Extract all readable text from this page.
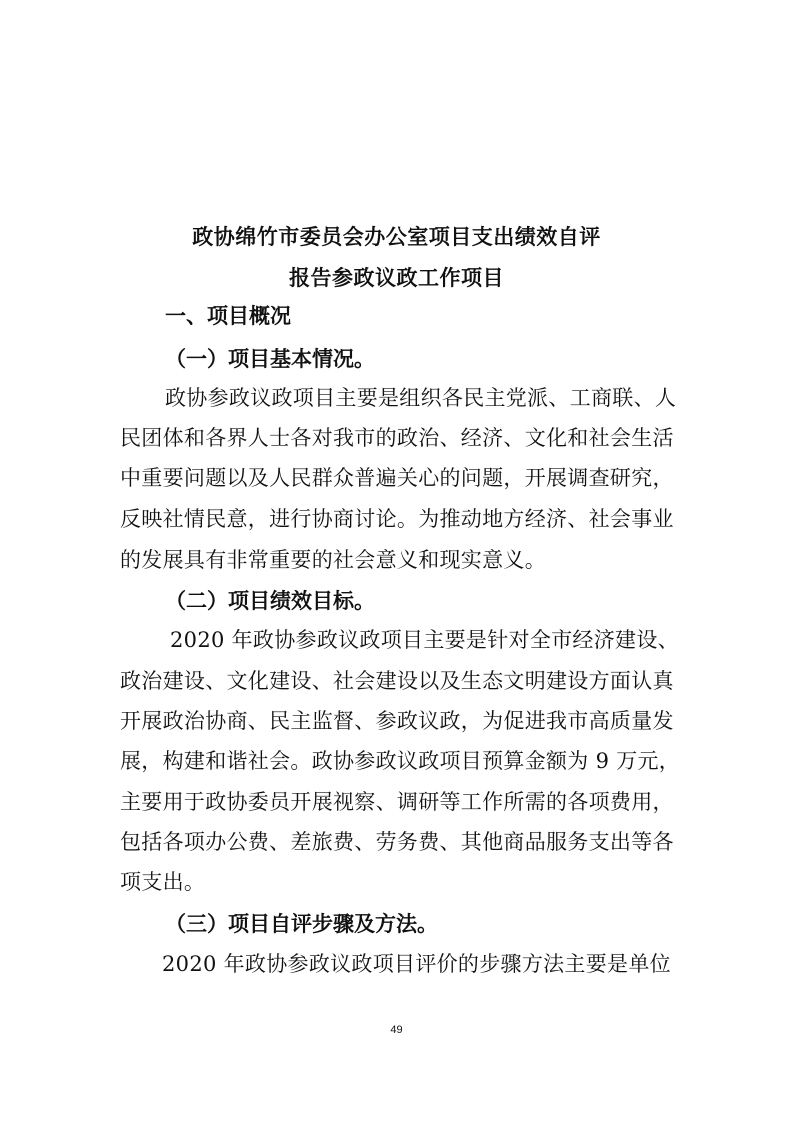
政协绵竹市委员会办公室项目支出绩效自评
报告参政议政工作项目
一、项目概况
（一）项目基本情况。
政协参政议政项目主要是组织各民主党派、工商联、人
民团体和各界人士各对我市的政治、经济、文化和社会生活
中重要问题以及人民群众普遍关心的问题，开展调查研究，
反映社情民意，进行协商讨论。为推动地方经济、社会事业
的发展具有非常重要的社会意义和现实意义。
（二）项目绩效目标。
2020 年政协参政议政项目主要是针对全市经济建设、
政治建设、文化建设、社会建设以及生态文明建设方面认真
开展政治协商、民主监督、参政议政，为促进我市高质量发
展，构建和谐社会。政协参政议政项目预算金额为 9 万元，
主要用于政协委员开展视察、调研等工作所需的各项费用，
包括各项办公费、差旅费、劳务费、其他商品服务支出等各
项支出。
（三）项目自评步骤及方法。
2020 年政协参政议政项目评价的步骤方法主要是单位
49
